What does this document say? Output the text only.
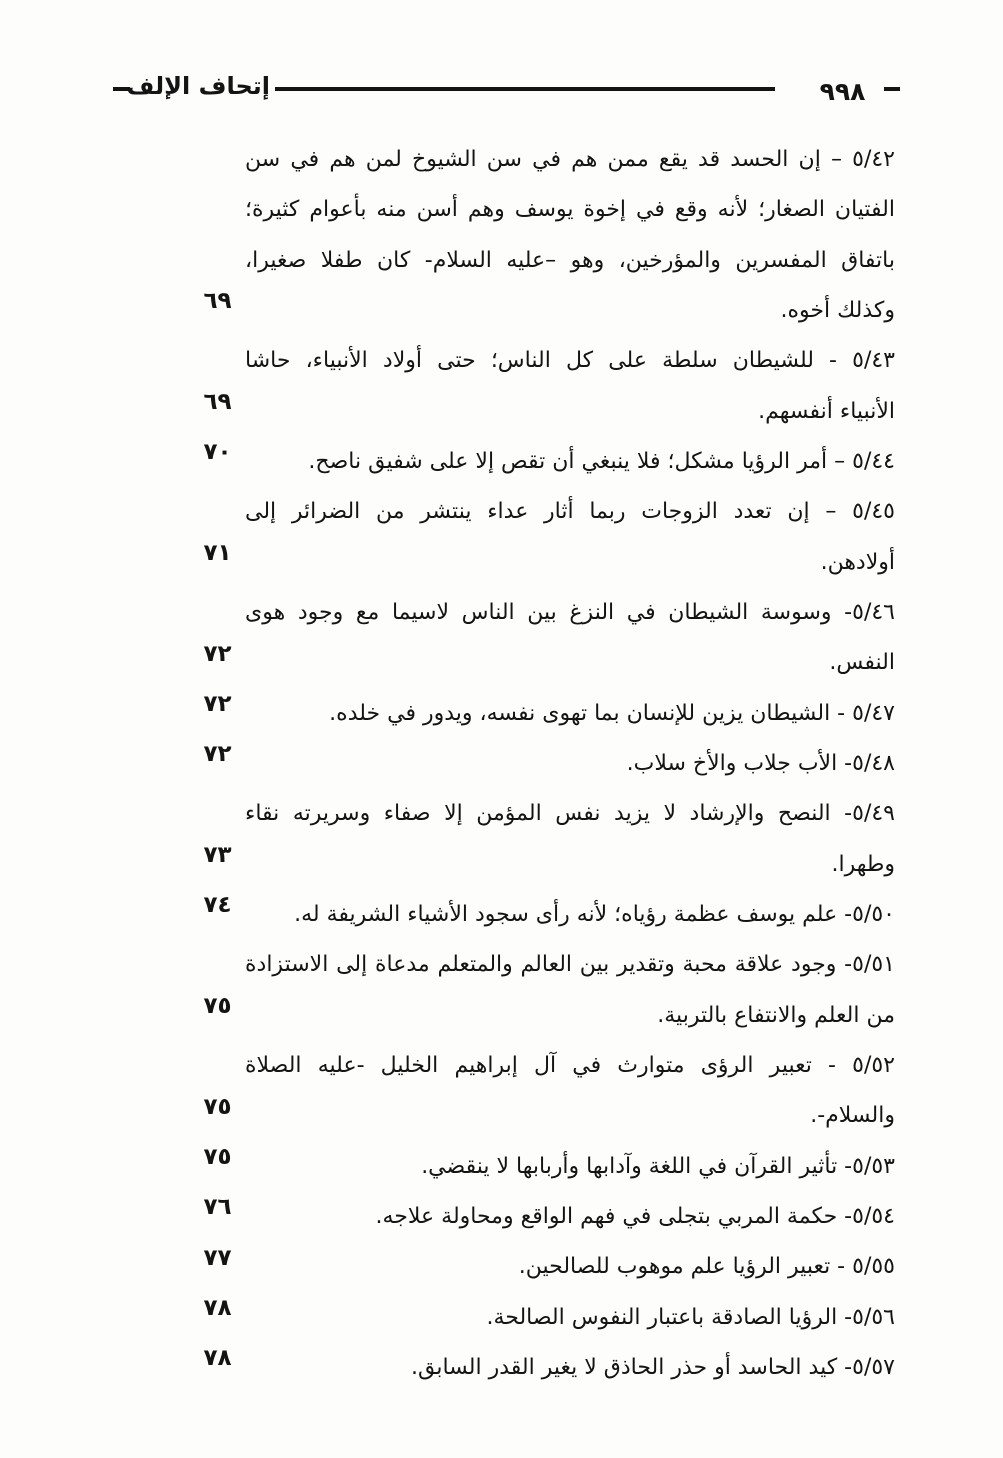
إتحاف الإلف	٩٩٨
٥/٤٢ – إن الحسد قد يقع ممن هم في سن الشيوخ لمن هم في سن
الفتيان الصغار؛ لأنه وقع في إخوة يوسف وهم أسن منه بأعوام كثيرة؛
باتفاق المفسرين والمؤرخين، وهو –عليه السلام- كان طفلا صغيرا،
وكذلك أخوه.
٦٩
٥/٤٣ - للشيطان سلطة على كل الناس؛ حتى أولاد الأنبياء، حاشا
الأنبياء أنفسهم.
٦٩
٥/٤٤ – أمر الرؤيا مشكل؛ فلا ينبغي أن تقص إلا على شفيق ناصح.
٧٠
٥/٤٥ – إن تعدد الزوجات ربما أثار عداء ينتشر من الضرائر إلى
أولادهن.
٧١
٥/٤٦- وسوسة الشيطان في النزغ بين الناس لاسيما مع وجود هوى
النفس.
٧٢
٥/٤٧ - الشيطان يزين للإنسان بما تهوى نفسه، ويدور في خلده.
٧٢
٥/٤٨- الأب جلاب والأخ سلاب.
٧٢
٥/٤٩- النصح والإرشاد لا يزيد نفس المؤمن إلا صفاء وسريرته نقاء
وطهرا.
٧٣
٥/٥٠- علم يوسف عظمة رؤياه؛ لأنه رأى سجود الأشياء الشريفة له.
٧٤
٥/٥١- وجود علاقة محبة وتقدير بين العالم والمتعلم مدعاة إلى الاستزادة
من العلم والانتفاع بالتربية.
٧٥
٥/٥٢ - تعبير الرؤى متوارث في آل إبراهيم الخليل -عليه الصلاة
والسلام-.
٧٥
٥/٥٣- تأثير القرآن في اللغة وآدابها وأربابها لا ينقضي.
٧٥
٥/٥٤- حكمة المربي بتجلى في فهم الواقع ومحاولة علاجه.
٧٦
٥/٥٥ - تعبير الرؤيا علم موهوب للصالحين.
٧٧
٥/٥٦- الرؤيا الصادقة باعتبار النفوس الصالحة.
٧٨
٥/٥٧- كيد الحاسد أو حذر الحاذق لا يغير القدر السابق.
٧٨
